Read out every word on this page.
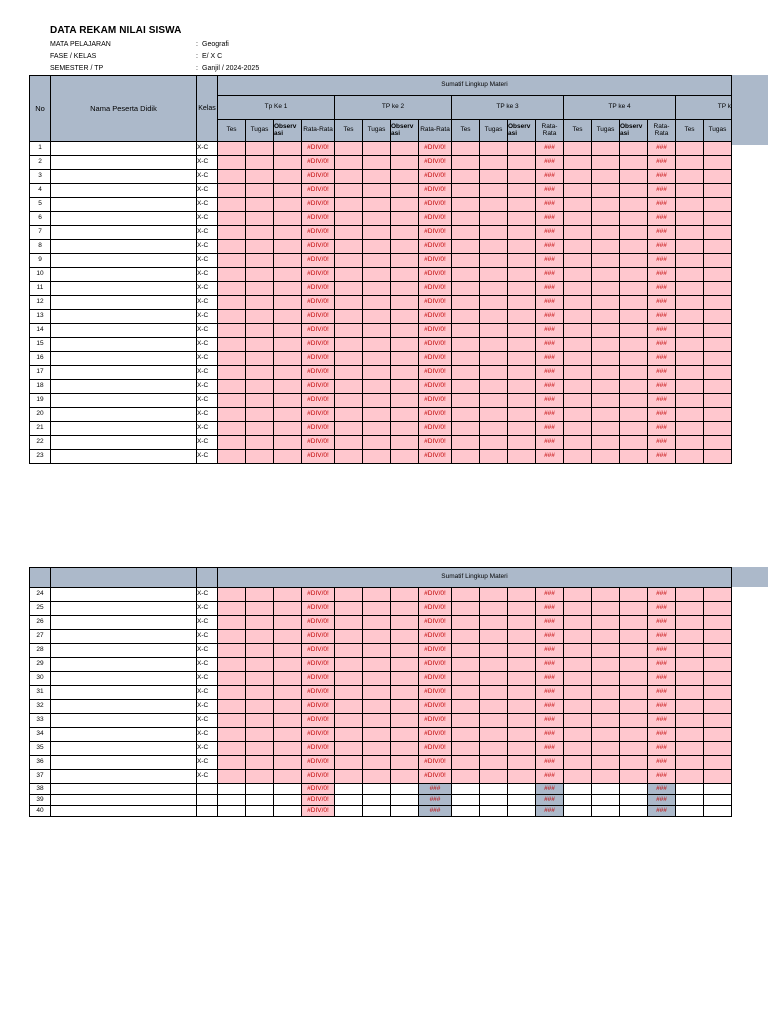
DATA REKAM NILAI SISWA
MATA PELAJARAN	: Geografi
FASE / KELAS	: E/ X C
SEMESTER / TP	: Ganjil / 2024-2025
No	Nama Peserta Didik	Kelas	Sumatif Lingkup Materi																	
			Tp Ke 1				TP ke 2				TP ke 3				TP ke 4				TP k	
			Tes	Tugas	Observ asi	Rata-Rata	Tes	Tugas	Observ asi	Rata-Rata	Tes	Tugas	Observ asi	Rata-Rata	Tes	Tugas	Observ asi	Rata-Rata	Tes	Tugas
1		X-C				#DIV/0!				#DIV/0!				###				###		
2		X-C				#DIV/0!				#DIV/0!				###				###		
3		X-C				#DIV/0!				#DIV/0!				###				###		
4		X-C				#DIV/0!				#DIV/0!				###				###		
5		X-C				#DIV/0!				#DIV/0!				###				###		
6		X-C				#DIV/0!				#DIV/0!				###				###		
7		X-C				#DIV/0!				#DIV/0!				###				###		
8		X-C				#DIV/0!				#DIV/0!				###				###		
9		X-C				#DIV/0!				#DIV/0!				###				###		
10		X-C				#DIV/0!				#DIV/0!				###				###		
11		X-C				#DIV/0!				#DIV/0!				###				###		
12		X-C				#DIV/0!				#DIV/0!				###				###		
13		X-C				#DIV/0!				#DIV/0!				###				###		
14		X-C				#DIV/0!				#DIV/0!				###				###		
15		X-C				#DIV/0!				#DIV/0!				###				###		
16		X-C				#DIV/0!				#DIV/0!				###				###		
17		X-C				#DIV/0!				#DIV/0!				###				###		
18		X-C				#DIV/0!				#DIV/0!				###				###		
19		X-C				#DIV/0!				#DIV/0!				###				###		
20		X-C				#DIV/0!				#DIV/0!				###				###		
21		X-C				#DIV/0!				#DIV/0!				###				###		
22		X-C				#DIV/0!				#DIV/0!				###				###		
23		X-C				#DIV/0!				#DIV/0!				###				###		
			Sumatif Lingkup Materi																	
24		X-C				#DIV/0!				#DIV/0!				###				###		
25		X-C				#DIV/0!				#DIV/0!				###				###		
26		X-C				#DIV/0!				#DIV/0!				###				###		
27		X-C				#DIV/0!				#DIV/0!				###				###		
28		X-C				#DIV/0!				#DIV/0!				###				###		
29		X-C				#DIV/0!				#DIV/0!				###				###		
30		X-C				#DIV/0!				#DIV/0!				###				###		
31		X-C				#DIV/0!				#DIV/0!				###				###		
32		X-C				#DIV/0!				#DIV/0!				###				###		
33		X-C				#DIV/0!				#DIV/0!				###				###		
34		X-C				#DIV/0!				#DIV/0!				###				###		
35		X-C				#DIV/0!				#DIV/0!				###				###		
36		X-C				#DIV/0!				#DIV/0!				###				###		
37		X-C				#DIV/0!				#DIV/0!				###				###		
38						#DIV/0!				###				###				###		
39						#DIV/0!				###				###				###		
40						#DIV/0!				###				###				###		
